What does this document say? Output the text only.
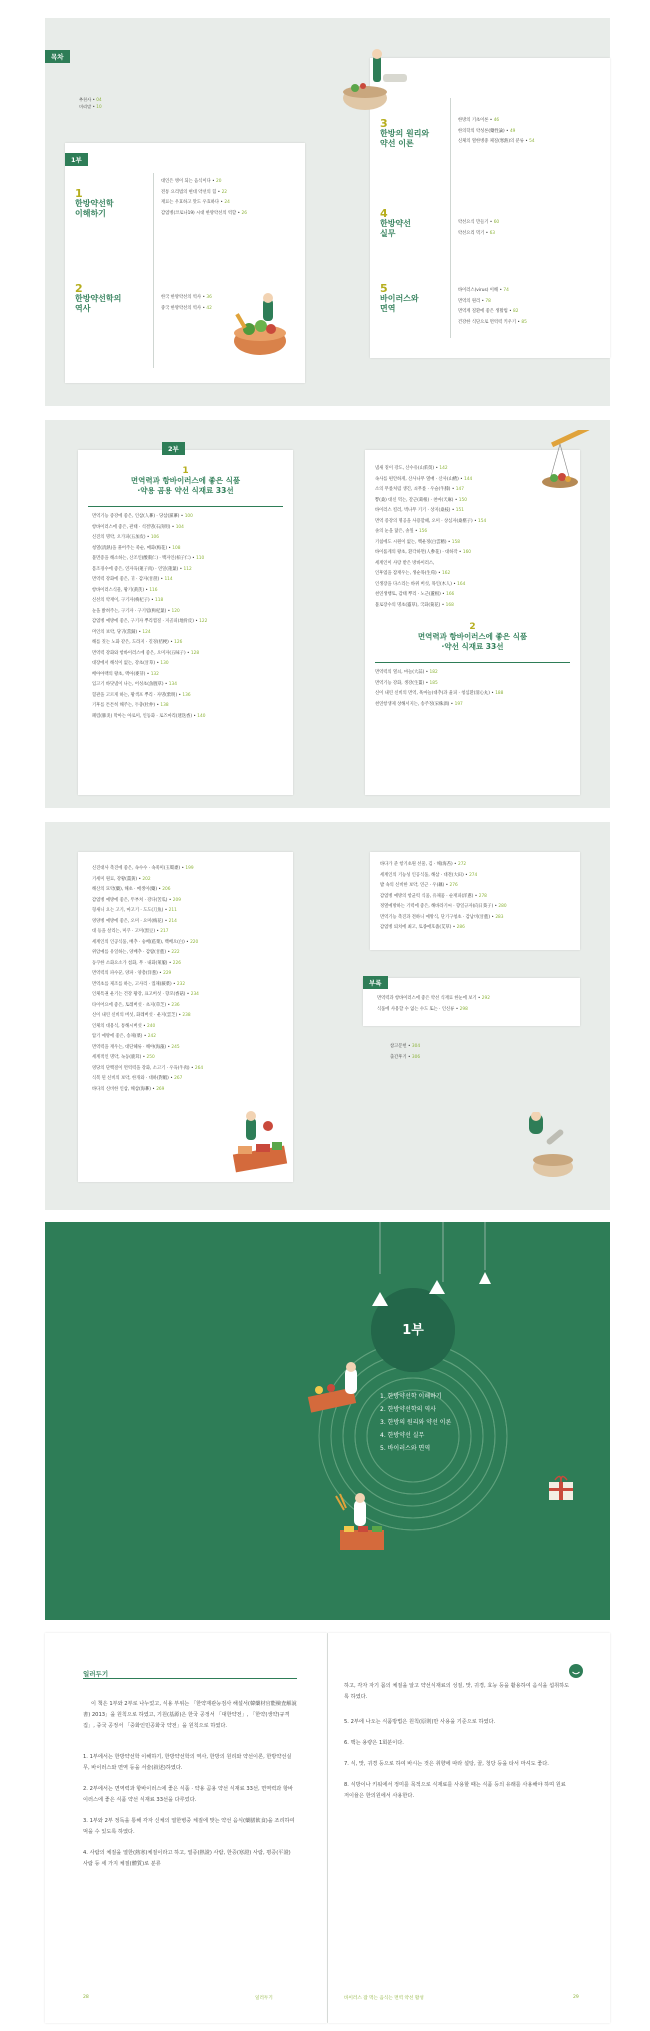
목차
추천사 • 04
머리말 • 10
1부
1
한방약선학
이해하기
대인은 병이 되는 음식이다 • 20
전통 요리법의 현대 약선의 힘 • 22
재료는 우효하고 맛도 우효하다 • 24
감염병(코로나19) 시대 한방약선의 역할 • 26
2
한방약선학의
역사
한국 한방약선의 역사 • 36
중국 한방약선의 역사 • 42
3
한방의 원리와
약선 이론
한방의 기초이론 • 46
한의학의 약성론(藥性論) • 49
신체의 열한병중 체질(寒熱)의 분류 • 54
4
한방약선
실무
약선요식 만들기 • 60
약선요리 먹기 • 63
5
바이러스와
면역
바이러스(virus) 이해 • 74
면역의 원리 • 78
면역계 질환에 좋은 생활법 • 82
건강한 식단으로 면역력 키우기 • 85
2부
1
면역력과 항바이러스에 좋은 식품
·약용 곰용 약선 식재료 33선
면역기능 증강에 좋은, 인삼(人蔘) · 당삼(黨蔘) • 100
항바이러스에 좋은, 관태 · 석결명(石決明) • 104
신진의 명약, 오가피(五加皮) • 106
청열(淸熱)을 풀어주는 죽순, 매화(梅花) • 108
불면증을 해소하는, 산조인(酸棗仁) · 백자인(柏子仁) • 110
몸조경수에 좋은, 연자육(蓮子肉) · 연잎(蓮葉) • 112
면역력 강화에 좋은, 귀 · 감자(甘蔗) • 114
항바이러스식물, 황기(黃芪) • 116
신선의 약재이, 구기자(枸杞子) • 118
눈을 밝혀주는, 구기자 · 구기엽(枸杞葉) • 120
감염병 예방에 좋은, 구기자 뿌리껍질 · 지골피(地骨皮) • 122
머인의 보약, 당귀(當歸) • 124
해를 짓는 노화 같은, 도라지 · 길경(桔梗) • 126
면역력 강화와 항바이러스에 좋은, 오미자(五味子) • 128
대장에서 해석이 없는, 강초(甘草) • 130
배아야맥의 왕초, 맥아(麥芽) • 132
입고기 바닷냄이 나는, 어성초(魚腥草) • 134
혈관을 고르게 하는, 황색포 뿌리 · 자명(紫明) • 136
기후를 튼튼히 해주는, 두충(杜仲) • 138
폐렴(肺炎) 막아는 아로미, 인동화 · 로즈마리(迷迭香) • 140
냄새 짙이 강도, 산수유(山茱萸) • 142
속사를 편안하게, 산사나무 열매 · 산사(山楂) • 144
소의 무릎처럼 생긴, 쇠무릎 · 우슬(牛膝) • 147
뽕(桑) 대신 먹는, 갈근(葛根) · 천마(天麻) • 150
바이러스 킬러, 벽나무 기기 · 상지(桑枝) • 151
면역 증강의 명공을 사용할때, 오미 · 상심자(桑椹子) • 154
솔의 눈을 닮은, 솔잎 • 156
기침에도 시원이 없는, 백운정(白雲精) • 158
바이롭게의 왕초, 환각하면(人參花) · 대하작 • 160
세계인이 사랑 받은 방바이러스,
인후염을 잠재우는, 생순목(生荀) • 162
인생장을 다스리는 바위 버섯, 목인(木人) • 164
천연생행토, 감태 뿌리 · 노근(蘆根) • 166
불로장수의 명초(靈草), 국화(菊花) • 168
2
면역력과 항바이러스에 좋은 식품
·약선 식재료 33선
면역력의 열쇠, 마늘(大蒜) • 182
면역기능 강화, 생강(生薑) • 185
신이 내린 신비의 면역, 흑마늘(대추)과 율피 · 청심환(淸心丸) • 188
천연항생제 상해서지는, 송주정(宋株酒) • 197
신진대사 촉진에 좋은, 속수수 · 속죽미(玉蜀黍) • 199
기세미 원료, 강황(薑黃) • 202
해산의 묘약(藥), 해초 · 매생이(藥) • 206
감염병 예방에 좋은, 뚜부쳐 · 강다(苦瓜) • 209
형새니 요는 고기, 마고기 · 도도(刀魚) • 211
영양병 예방에 좋은, 오미 · 요미(梅花) • 214
대 등을 살리는, 미쿠 · 고미(黑豆) • 217
세계인의 인공식품, 배추 · 숭배(菘菜), 백배오(白) • 220
위암예를 유일하는, 양배추 · 감람(甘藍) • 222
동쿠한 소화요소가 첨화, 무 · 내화(萊菔) • 226
면역력의 파수꾼, 양파 · 양총(洋葱) • 229
면역초를 제조를 하는, 고사리 · 궐채(蕨菜) • 232
인체특권 운기는 건강 황강, 표고버섯 · 향꼬(香菇) • 234
타이어요에 좋은, 토레버섯 · 초지(草芝) • 236
신이 내린 신비의 버섯, 화레버섯 · 운지(雲芝) • 238
인체의 대용식, 통해시버섯 • 240
압기 예방에 좋은, 송채(菜) • 242
면역력을 재우는, 대단헤류 · 해야(海藻) • 245
세계적인 명약, 녹동(鹿茸) • 250
영당의 단백질이 면역력을 강화, 소고기 · 우육(牛肉) • 264
식복 된 신비의 보약, 한개와 · 대하(對蝦) • 267
바다의 신비한 인삼, 해삼(海蔘) • 269
바다가 준 항기초원 선물, 김 · 해(海苔) • 272
세계인의 기능성 인공식품, 해삼 · 대전(大田) • 274
밥 속의 신비한 보약, 연근 · 우(藕) • 276
감염병 예방의 항균력 식품, 유채품 · 순재피(洋蔥) • 278
정열예방하는 기력에 좋은, 해바라기씨 · 향일규자(向日葵子) • 280
면역기능 촉진과 전하니 예방식, 단기구청초 · 감남비(甘藍) • 283
감염병 퇴치에 최고, 토종애호즙(艾草) • 286
부록
면역력과 항바이러스에 좋은 약선 식재료 한눈에 보기 • 292
식품에 사용할 수 없는 수도 또는 · 인신류 • 298
참고문헌 • 304
출간후기 • 306
1부
1. 한방약선학 이해하기
2. 한방약선학의 역사
3. 한방의 원리와 약선 이론
4. 한방약선 실무
5. 바이러스와 면역
일러두기
이 책은 1부와 2부로 나누었고, 식용 부위는 「한약재관능검사 해설서(韓藥材官能檢査解說書) 2013」을 원칙으로 하였고, 기원(基源)은 한국 공정서 「대한약전」, 「한약(생약)규격집」, 중국 공정서 「중화인민공화국 약전」을 원칙으로 하였다.
1. 1부에서는 한방약선학 이해하기, 한방약선학의 역사, 한방의 원리와 약선이론, 한방약선실무, 바이러스와 면역 등을 서술(敍述)하였다.
2. 2부에서는 면역력과 항바이러스에 좋은 식품 · 약용 곰용 약선 식재료 33선, 면역력과 항바이러스에 좋은 식품 약선 식재료 33선을 다루었다.
3. 1부와 2부 정독을 통해 각자 신체의 열한병중 체질에 맞는 약선 음식(藥膳飮食)을 조리하여 먹을 수 있도록 하였다.
4. 사람의 체질을 열한(熱寒)체질이라고 하고, 열증(熱證) 사람, 한증(寒證) 사람, 평증(平證) 사람 등 세 가지 체질(體質)로 분류
28	일러두기
하고, 각자 자기 몸의 체질을 알고 약선식재료의 성질, 맛, 귀경, 효능 등을 활용하여 음식을 섭취하도록 하였다.
5. 2부에 나오는 식품방법은 원칙(原則)만 사용을 기준으로 하였다.
6. 맥는 용량은 1회분이다.
7. 식, 맛, 귀경 등으로 하여 바시는 것은 취향에 따라 설탕, 꿀, 청당 등을 타서 마셔도 좋다.
8. 식방이나 키워에서 정미를 목적으로 식재료를 사용할 때는 식품 등의 유래를 사용해야 하며 원료저이율은 한의원에서 사용한다.
바이러스 잡 먹는 음식는 면역 약선 활성	29
